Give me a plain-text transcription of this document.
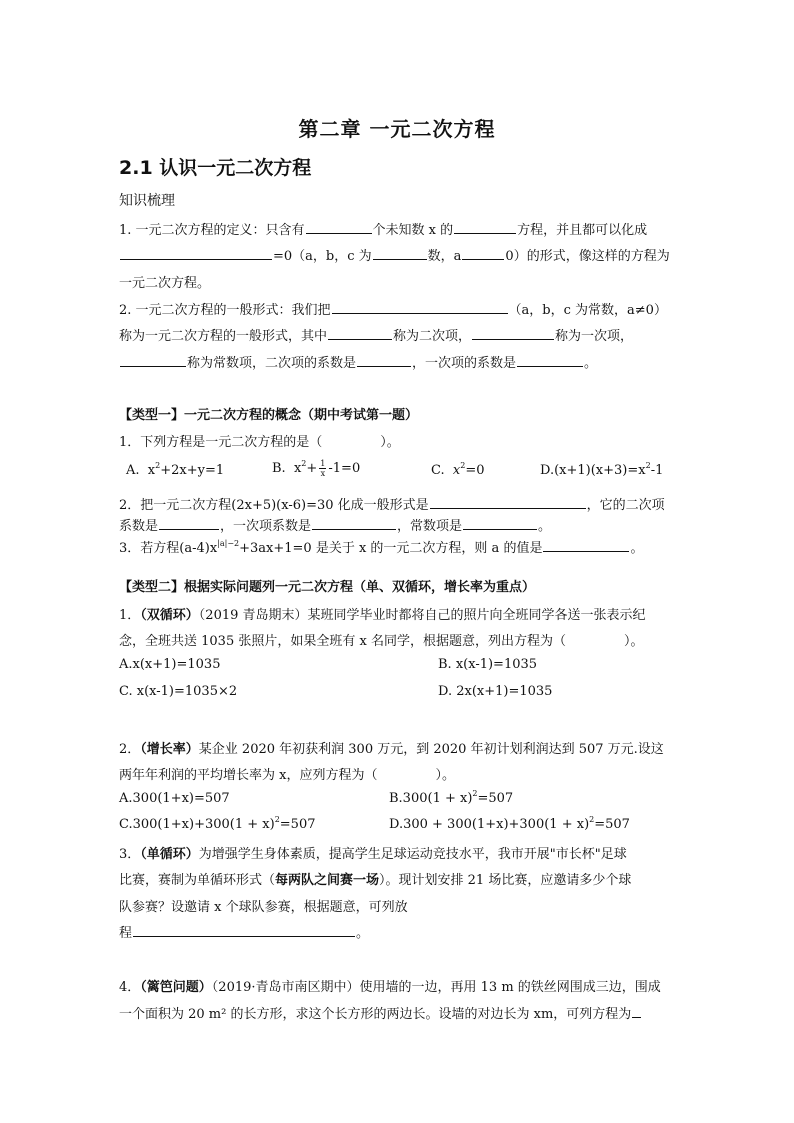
第二章 一元二次方程
2.1 认识一元二次方程
知识梳理
1. 一元二次方程的定义：只含有	个未知数 x 的	方程，并且都可以化成
=0（a，b，c 为	数，a	0）的形式，像这样的方程为
一元二次方程。
2. 一元二次方程的一般形式：我们把	（a，b，c 为常数，a≠0）
称为一元二次方程的一般形式，其中	称为二次项，	称为一次项，
称为常数项，二次项的系数是	，一次项的系数是	。
【类型一】一元二次方程的概念（期中考试第一题）
1．下列方程是一元二次方程的是（	）。
A. $x^2+2x+y=1$	B. $x^2+ \frac{1}{x} -1=0$	C. $x^2=0$	$D.(x+1)(x+3)=x^2-1$
2．把一元二次方程(2x+5)(x-6)=30 化成一般形式是	，它的二次项
系数是	，一次项系数是	，常数项是	。
3．若方程$(a-4)x^{|a|-2}+3ax+1=0$ 是关于 x 的一元二次方程，则 a 的值是	。
【类型二】根据实际问题列一元二次方程（单、双循环，增长率为重点）
1．（双循环）（2019 青岛期末）某班同学毕业时都将自己的照片向全班同学各送一张表示纪
念，全班共送 1035 张照片，如果全班有 x 名同学，根据题意，列出方程为（	）。
A.x(x+1)=1035	B. x(x-1)=1035
C. x(x-1)=1035×2	D. 2x(x+1)=1035
2．（增长率）某企业 2020 年初获利润 300 万元，到 2020 年初计划利润达到 507 万元.设这
两年年利润的平均增长率为 x，应列方程为（	）。
A.300(1+x)=507	$B.300(1 + x)^2=507$
$C.300(1+x)+300(1 + x)^2=507$	$D.300 + 300(1+x)+300(1 + x)^2=507$
3．（单循环）为增强学生身体素质，提高学生足球运动竞技水平，我市开展"市长杯"足球
比赛，赛制为单循环形式（每两队之间赛一场）。现计划安排 21 场比赛，应邀请多少个球
队参赛？设邀请 x 个球队参赛，根据题意，可列放
程	。
4．（篱笆问题）（2019·青岛市南区期中）使用墙的一边，再用 13 m 的铁丝网围成三边，围成
一个面积为 20 m² 的长方形，求这个长方形的两边长。设墙的对边长为 xm，可列方程为
